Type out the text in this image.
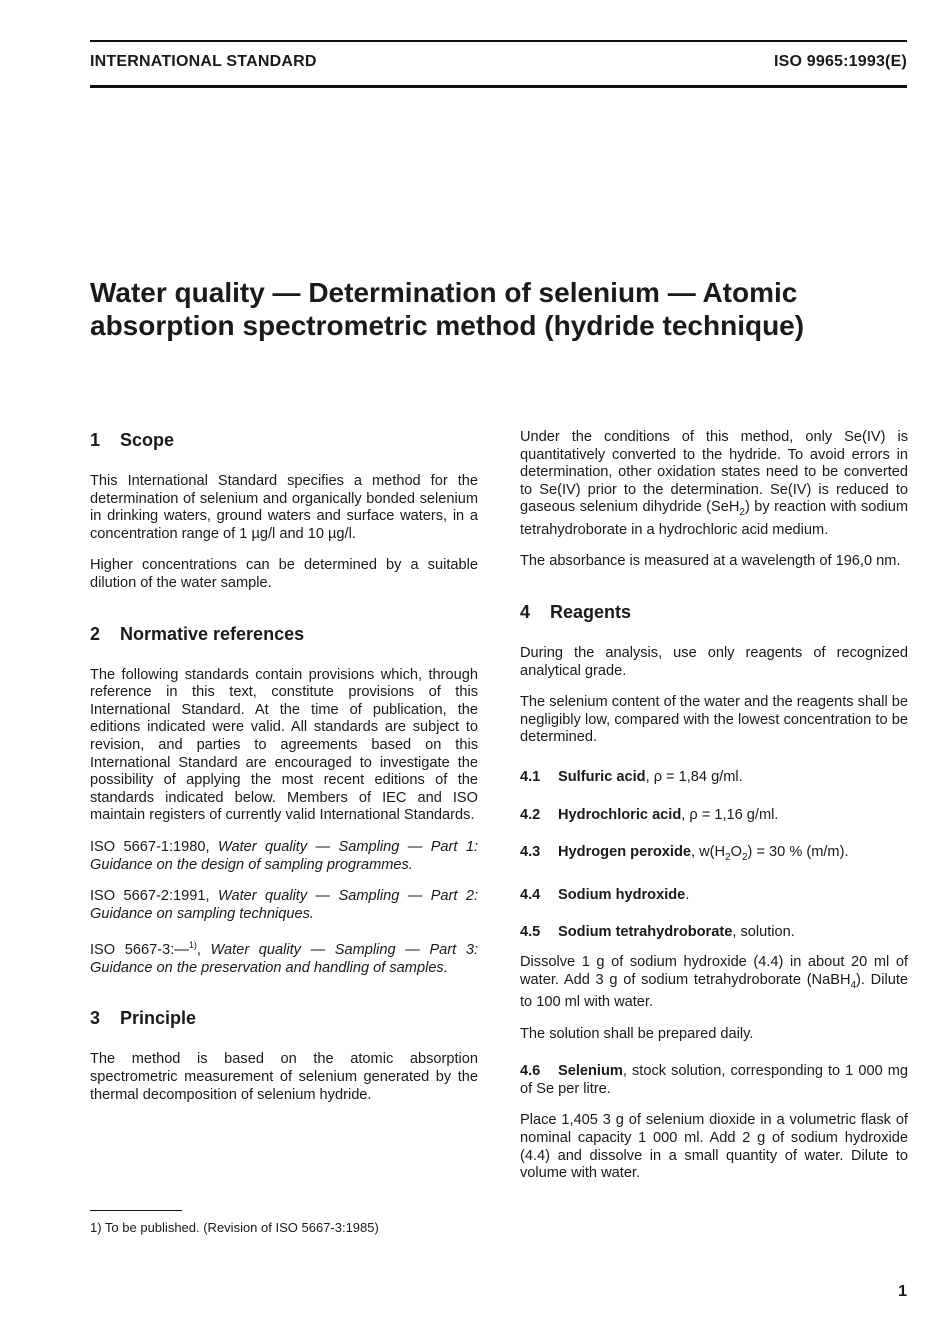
INTERNATIONAL STANDARD	ISO 9965:1993(E)
Water quality — Determination of selenium — Atomic absorption spectrometric method (hydride technique)
1 Scope

This International Standard specifies a method for the determination of selenium and organically bonded selenium in drinking waters, ground waters and surface waters, in a concentration range of 1 µg/l and 10 µg/l.

Higher concentrations can be determined by a suitable dilution of the water sample.

2 Normative references

The following standards contain provisions which, through reference in this text, constitute provisions of this International Standard. At the time of publication, the editions indicated were valid. All standards are subject to revision, and parties to agreements based on this International Standard are encouraged to investigate the possibility of applying the most recent editions of the standards indicated below. Members of IEC and ISO maintain registers of currently valid International Standards.

ISO 5667-1:1980, Water quality — Sampling — Part 1: Guidance on the design of sampling programmes.

ISO 5667-2:1991, Water quality — Sampling — Part 2: Guidance on sampling techniques.

ISO 5667-3:—$^{1)}$, Water quality — Sampling — Part 3: Guidance on the preservation and handling of samples.

3 Principle

The method is based on the atomic absorption spectrometric measurement of selenium generated by the thermal decomposition of selenium hydride.

Under the conditions of this method, only Se(IV) is quantitatively converted to the hydride. To avoid errors in determination, other oxidation states need to be converted to Se(IV) prior to the determination. Se(IV) is reduced to gaseous selenium dihydride (SeH$_2$) by reaction with sodium tetrahydroborate in a hydrochloric acid medium.

The absorbance is measured at a wavelength of 196,0 nm.

4 Reagents

During the analysis, use only reagents of recognized analytical grade.

The selenium content of the water and the reagents shall be negligibly low, compared with the lowest concentration to be determined.

4.1 Sulfuric acid, ρ = 1,84 g/ml.
4.2 Hydrochloric acid, ρ = 1,16 g/ml.
4.3 Hydrogen peroxide, $w(H_2O_2) = 30$ % (m/m).
4.4 Sodium hydroxide.
4.5 Sodium tetrahydroborate, solution.

Dissolve 1 g of sodium hydroxide (4.4) in about 20 ml of water. Add 3 g of sodium tetrahydroborate (NaBH$_4$). Dilute to 100 ml with water.

The solution shall be prepared daily.

4.6 Selenium, stock solution, corresponding to 1 000 mg of Se per litre.

Place 1,405 3 g of selenium dioxide in a volumetric flask of nominal capacity 1 000 ml. Add 2 g of sodium hydroxide (4.4) and dissolve in a small quantity of water. Dilute to volume with water.

1) To be published. (Revision of ISO 5667-3:1985)
1
